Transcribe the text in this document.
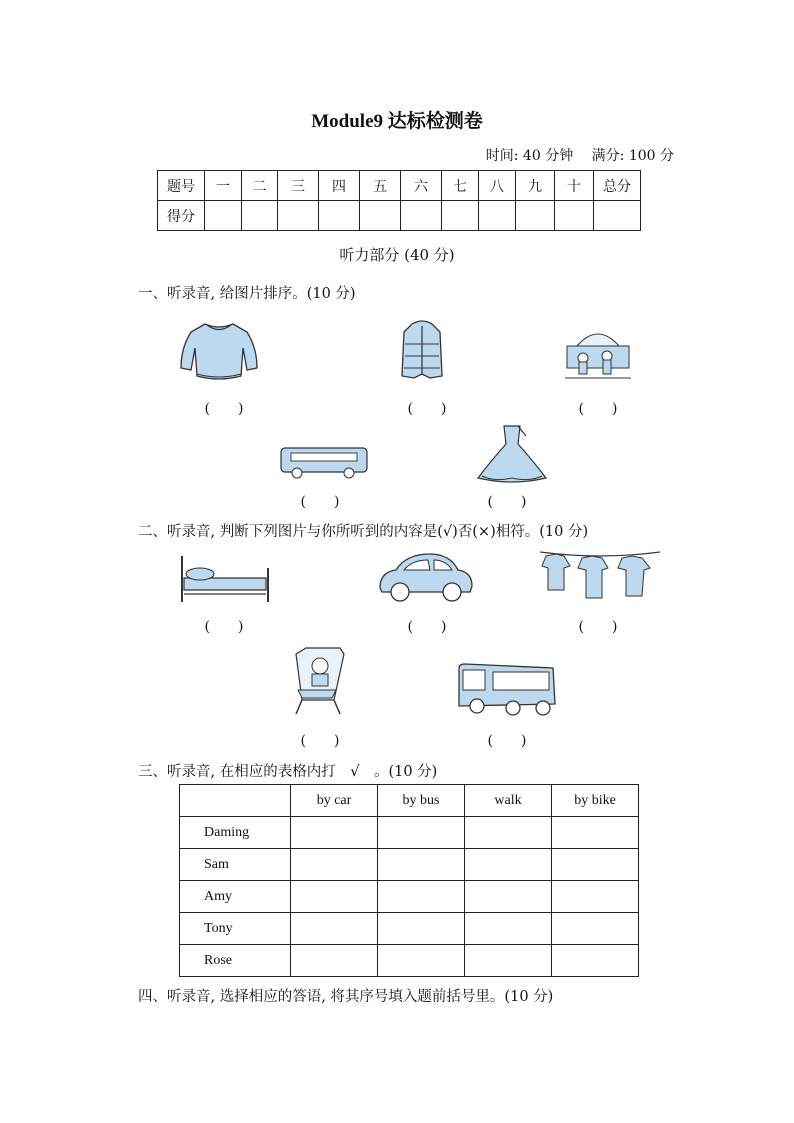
Module9 达标检测卷
时间: 40 分钟 满分: 100 分
题号	一	二	三	四	五	六	七	八	九	十	总分
得分											
听力部分 (40 分)
一、听录音, 给图片排序。(10 分)
(　　)	(　　)	(　　)
(　　)	(　　)
二、听录音, 判断下列图片与你所听到的内容是(√)否(×)相符。(10 分)
(　　)	(　　)	(　　)
(　　)	(　　)
三、听录音, 在相应的表格内打　√　。(10 分)
	by car	by bus	walk	by bike
Daming				
Sam				
Amy				
Tony				
Rose				
四、听录音, 选择相应的答语, 将其序号填入题前括号里。(10 分)
